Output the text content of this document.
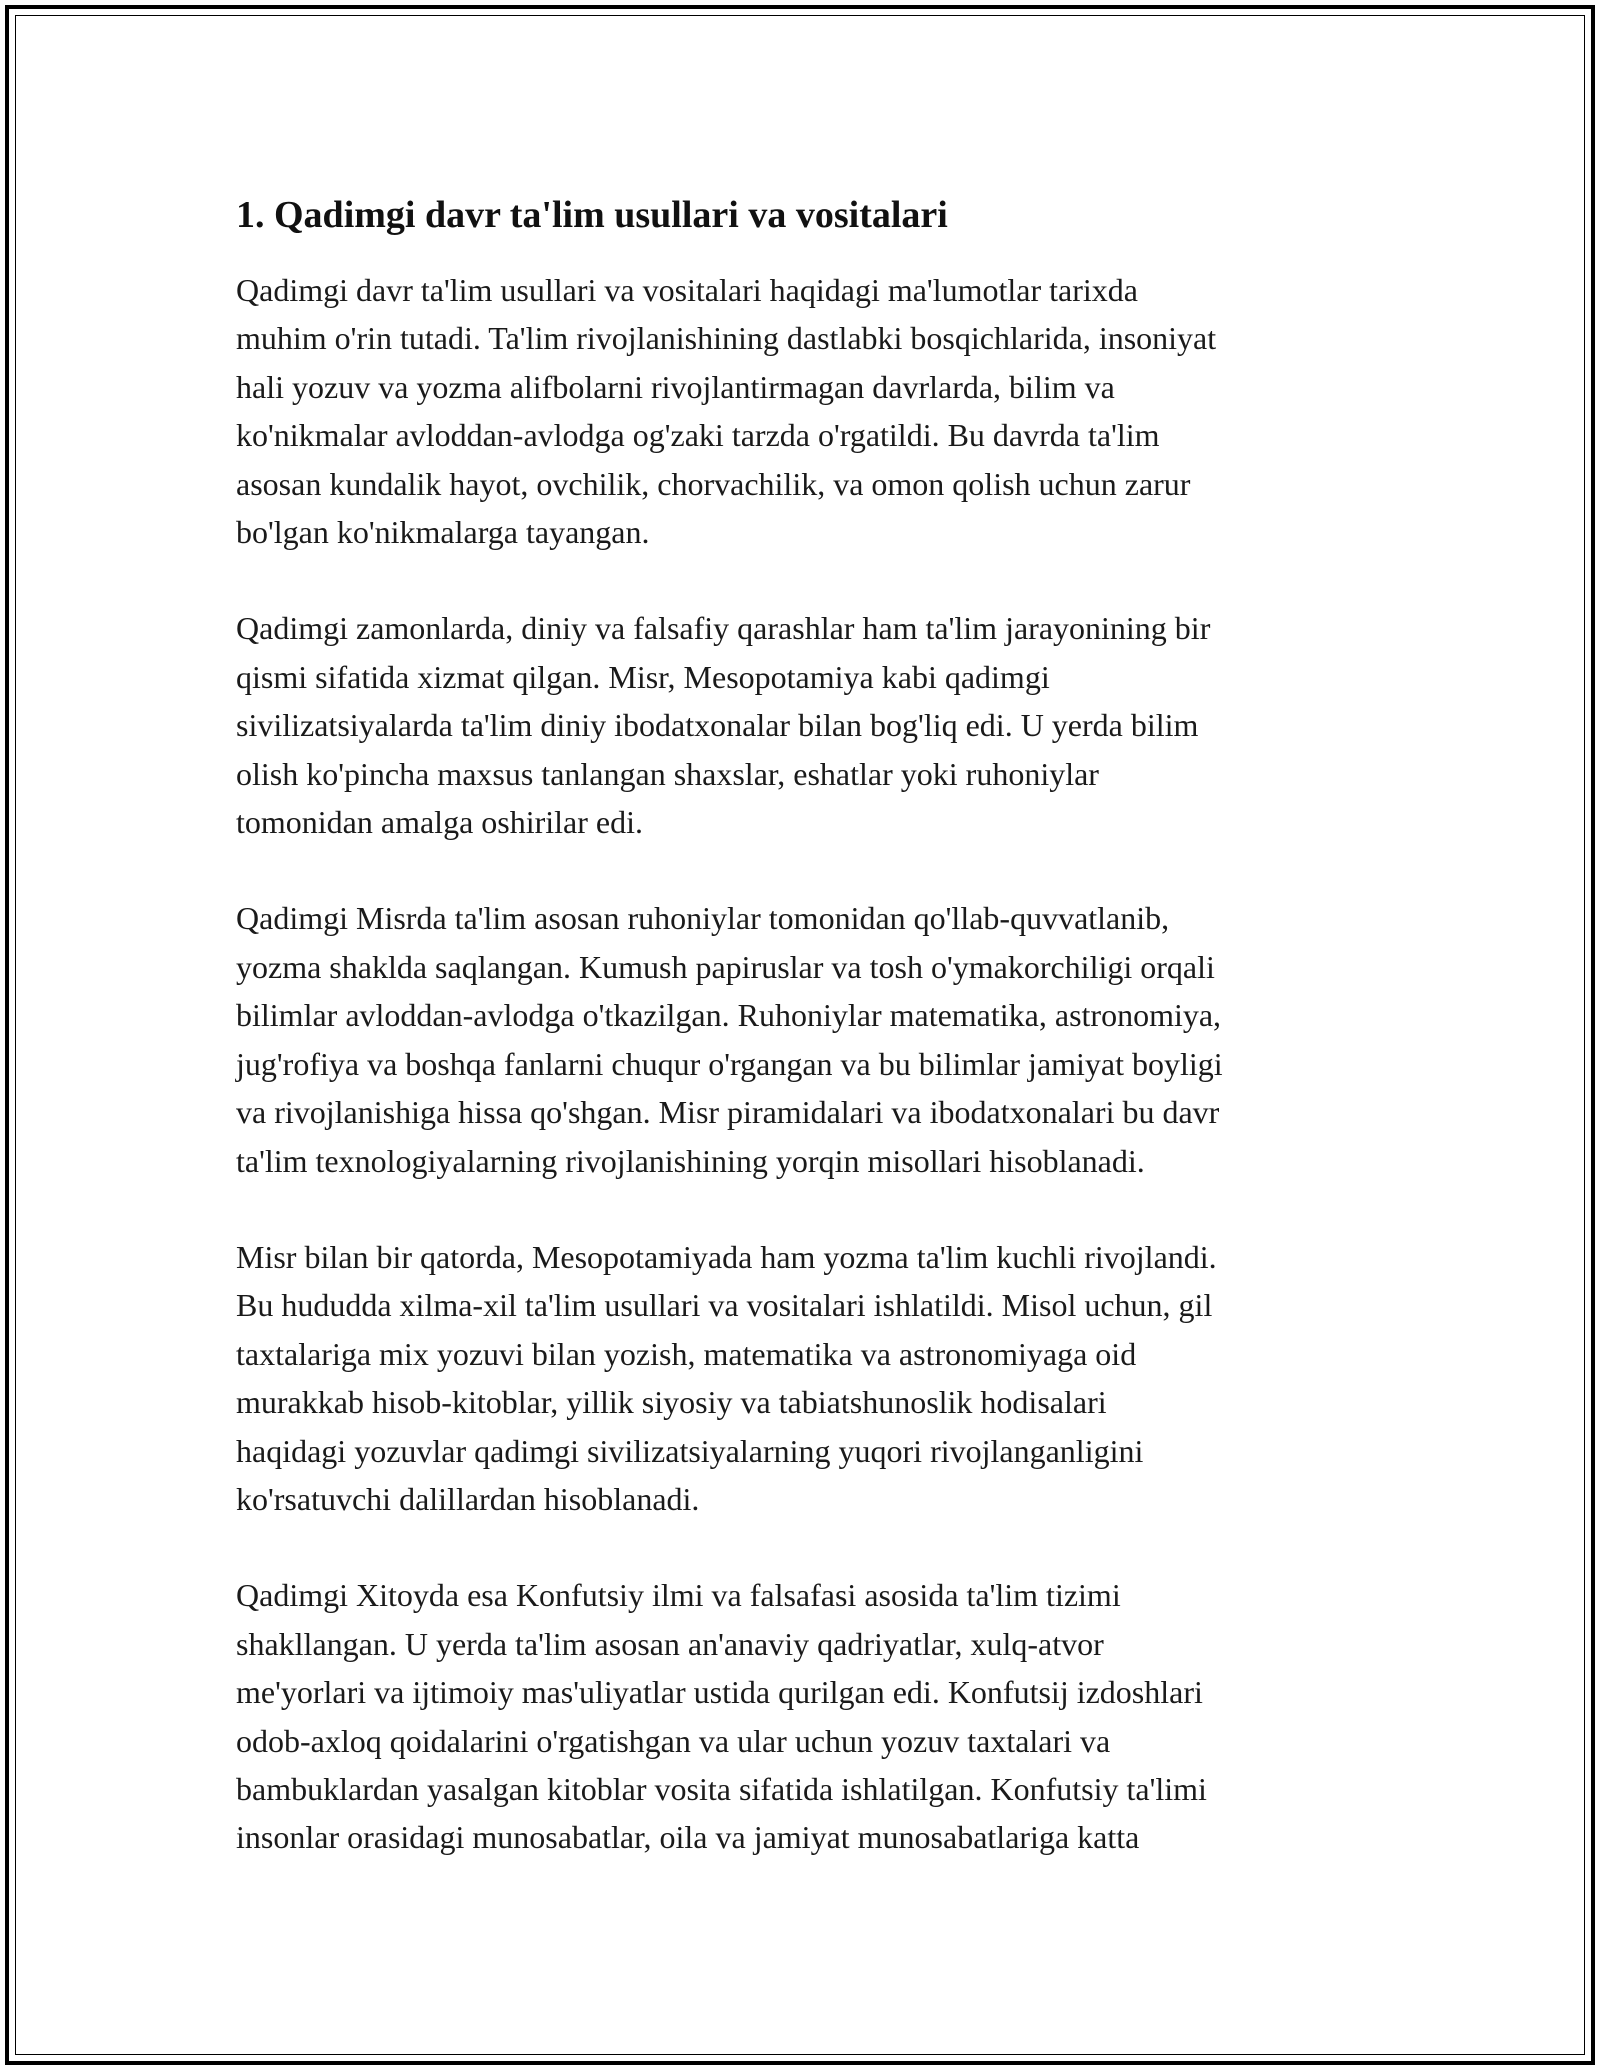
1. Qadimgi davr ta'lim usullari va vositalari

Qadimgi davr ta'lim usullari va vositalari haqidagi ma'lumotlar tarixda
muhim o'rin tutadi. Ta'lim rivojlanishining dastlabki bosqichlarida, insoniyat
hali yozuv va yozma alifbolarni rivojlantirmagan davrlarda, bilim va
ko'nikmalar avloddan-avlodga og'zaki tarzda o'rgatildi. Bu davrda ta'lim
asosan kundalik hayot, ovchilik, chorvachilik, va omon qolish uchun zarur
bo'lgan ko'nikmalarga tayangan.

Qadimgi zamonlarda, diniy va falsafiy qarashlar ham ta'lim jarayonining bir
qismi sifatida xizmat qilgan. Misr, Mesopotamiya kabi qadimgi
sivilizatsiyalarda ta'lim diniy ibodatxonalar bilan bog'liq edi. U yerda bilim
olish ko'pincha maxsus tanlangan shaxslar, eshatlar yoki ruhoniylar
tomonidan amalga oshirilar edi.

Qadimgi Misrda ta'lim asosan ruhoniylar tomonidan qo'llab-quvvatlanib,
yozma shaklda saqlangan. Kumush papiruslar va tosh o'ymakorchiligi orqali
bilimlar avloddan-avlodga o'tkazilgan. Ruhoniylar matematika, astronomiya,
jug'rofiya va boshqa fanlarni chuqur o'rgangan va bu bilimlar jamiyat boyligi
va rivojlanishiga hissa qo'shgan. Misr piramidalari va ibodatxonalari bu davr
ta'lim texnologiyalarning rivojlanishining yorqin misollari hisoblanadi.

Misr bilan bir qatorda, Mesopotamiyada ham yozma ta'lim kuchli rivojlandi.
Bu hududda xilma-xil ta'lim usullari va vositalari ishlatildi. Misol uchun, gil
taxtalariga mix yozuvi bilan yozish, matematika va astronomiyaga oid
murakkab hisob-kitoblar, yillik siyosiy va tabiatshunoslik hodisalari
haqidagi yozuvlar qadimgi sivilizatsiyalarning yuqori rivojlanganligini
ko'rsatuvchi dalillardan hisoblanadi.

Qadimgi Xitoyda esa Konfutsiy ilmi va falsafasi asosida ta'lim tizimi
shakllangan. U yerda ta'lim asosan an'anaviy qadriyatlar, xulq-atvor
me'yorlari va ijtimoiy mas'uliyatlar ustida qurilgan edi. Konfutsij izdoshlari
odob-axloq qoidalarini o'rgatishgan va ular uchun yozuv taxtalari va
bambuklardan yasalgan kitoblar vosita sifatida ishlatilgan. Konfutsiy ta'limi
insonlar orasidagi munosabatlar, oila va jamiyat munosabatlariga katta
